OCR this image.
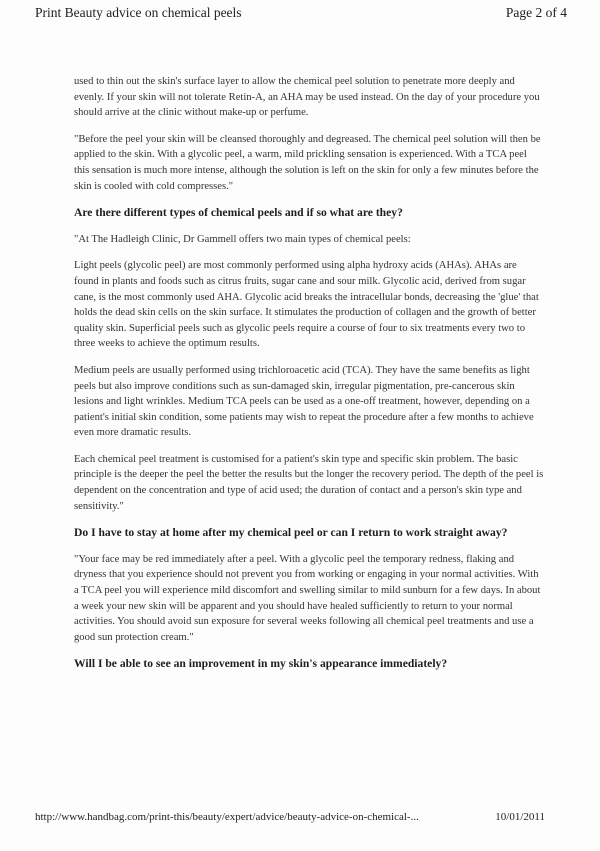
Print Beauty advice on chemical peels	Page 2 of 4

used to thin out the skin's surface layer to allow the chemical peel solution to penetrate more deeply and evenly. If your skin will not tolerate Retin-A, an AHA may be used instead. On the day of your procedure you should arrive at the clinic without make-up or perfume.

"Before the peel your skin will be cleansed thoroughly and degreased. The chemical peel solution will then be applied to the skin. With a glycolic peel, a warm, mild prickling sensation is experienced. With a TCA peel this sensation is much more intense, although the solution is left on the skin for only a few minutes before the skin is cooled with cold compresses."

Are there different types of chemical peels and if so what are they?

"At The Hadleigh Clinic, Dr Gammell offers two main types of chemical peels:

Light peels (glycolic peel) are most commonly performed using alpha hydroxy acids (AHAs). AHAs are found in plants and foods such as citrus fruits, sugar cane and sour milk. Glycolic acid, derived from sugar cane, is the most commonly used AHA. Glycolic acid breaks the intracellular bonds, decreasing the 'glue' that holds the dead skin cells on the skin surface. It stimulates the production of collagen and the growth of better quality skin. Superficial peels such as glycolic peels require a course of four to six treatments every two to three weeks to achieve the optimum results.

Medium peels are usually performed using trichloroacetic acid (TCA). They have the same benefits as light peels but also improve conditions such as sun-damaged skin, irregular pigmentation, pre-cancerous skin lesions and light wrinkles. Medium TCA peels can be used as a one-off treatment, however, depending on a patient's initial skin condition, some patients may wish to repeat the procedure after a few months to achieve even more dramatic results.

Each chemical peel treatment is customised for a patient's skin type and specific skin problem. The basic principle is the deeper the peel the better the results but the longer the recovery period. The depth of the peel is dependent on the concentration and type of acid used; the duration of contact and a person's skin type and sensitivity."

Do I have to stay at home after my chemical peel or can I return to work straight away?

"Your face may be red immediately after a peel. With a glycolic peel the temporary redness, flaking and dryness that you experience should not prevent you from working or engaging in your normal activities. With a TCA peel you will experience mild discomfort and swelling similar to mild sunburn for a few days. In about a week your new skin will be apparent and you should have healed sufficiently to return to your normal activities. You should avoid sun exposure for several weeks following all chemical peel treatments and use a good sun protection cream."

Will I be able to see an improvement in my skin's appearance immediately?
http://www.handbag.com/print-this/beauty/expert/advice/beauty-advice-on-chemical-...	10/01/2011
